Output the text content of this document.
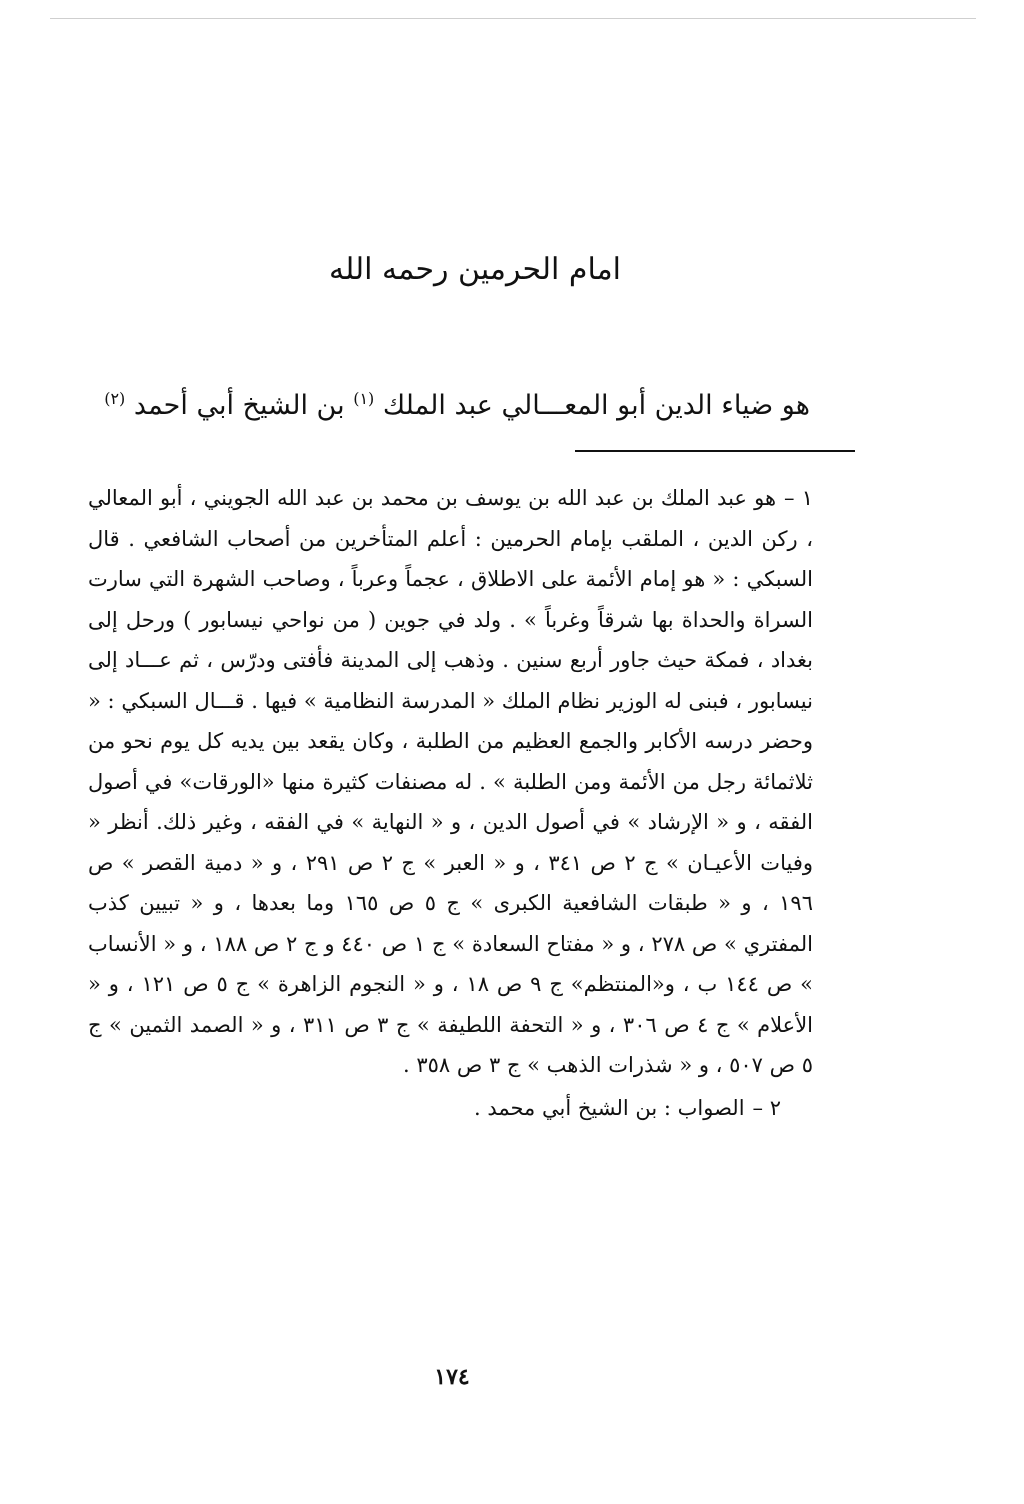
امام الحرمين رحمه الله
هو ضياء الدين أبو المعـــالي عبد الملك $^{(١)}$ بن الشيخ أبي أحمد $^{(٢)}$

١ –هو عبد الملك بن عبد الله بن يوسف بن محمد بن عبد الله الجويني ، أبو المعالي ، ركن الدين ، الملقب بإمام الحرمين : أعلم المتأخرين من أصحاب الشافعي . قال السبكي : « هو إمام الأئمة على الاطلاق ، عجماً وعرباً ، وصاحب الشهرة التي سارت السراة والحداة بها شرقاً وغرباً » . ولد في جوين ( من نواحي نيسابور ) ورحل إلى بغداد ، فمكة حيث جاور أربع سنين . وذهب إلى المدينة فأفتى ودرّس ، ثم عـــاد إلى نيسابور ، فبنى له الوزير نظام الملك « المدرسة النظامية » فيها . قـــال السبكي : « وحضر درسه الأكابر والجمع العظيم من الطلبة ، وكان يقعد بين يديه كل يوم نحو من ثلاثمائة رجل من الأئمة ومن الطلبة » . له مصنفات كثيرة منها «الورقات» في أصول الفقه ، و « الإرشاد » في أصول الدين ، و « النهاية » في الفقه ، وغير ذلك. أنظر « وفيات الأعيـان » ج ٢ ص ٣٤١ ، و « العبر » ج ٢ ص ٢٩١ ، و « دمية القصر » ص ١٩٦ ، و « طبقات الشافعية الكبرى » ج ٥ ص ١٦٥ وما بعدها ، و « تبيين كذب المفتري » ص ٢٧٨ ، و « مفتاح السعادة » ج ١ ص ٤٤٠ و ج ٢ ص ١٨٨ ، و « الأنساب » ص ١٤٤ ب ، و«المنتظم» ج ٩ ص ١٨ ، و « النجوم الزاهرة » ج ٥ ص ١٢١ ، و « الأعلام » ج ٤ ص ٣٠٦ ، و « التحفة اللطيفة » ج ٣ ص ٣١١ ، و « الصمد الثمين » ج ٥ ص ٥٠٧ ، و « شذرات الذهب » ج ٣ ص ٣٥٨ .

٢ –الصواب : بن الشيخ أبي محمد .

١٧٤
